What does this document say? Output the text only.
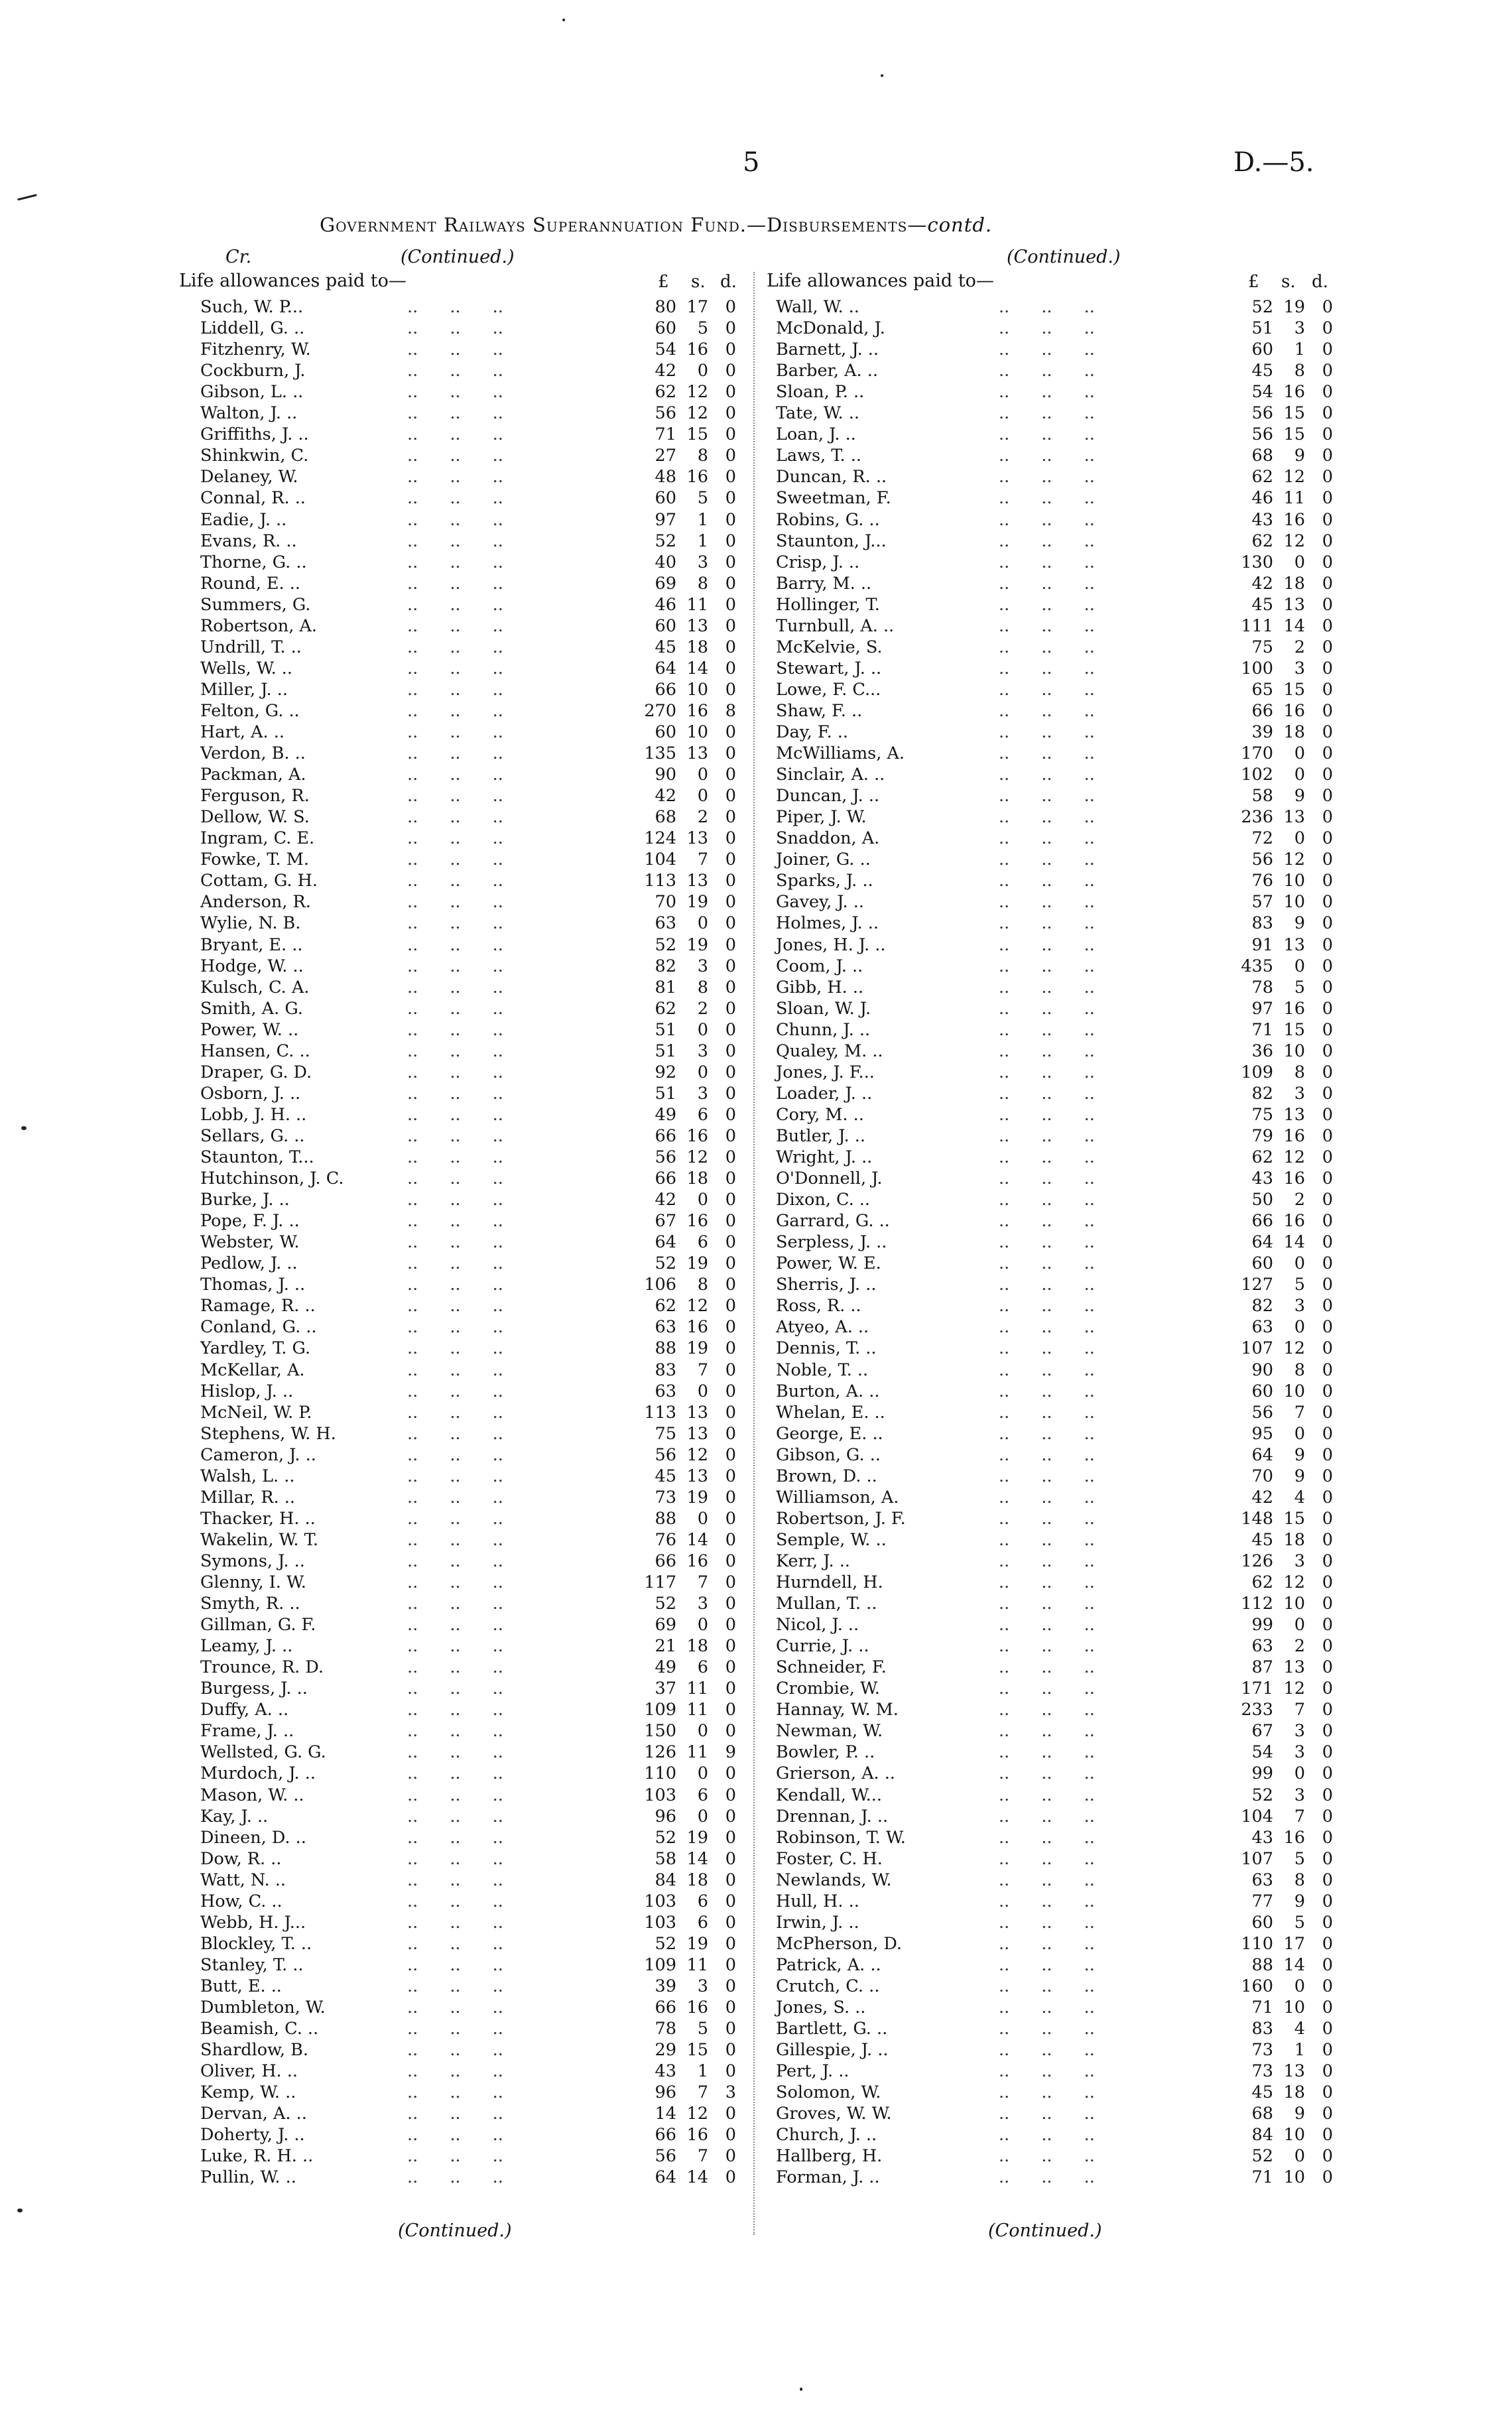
5	D.—5.
Government Railways Superannuation Fund.—Disbursements—contd.
Cr.	(Continued.)
Life allowances paid to—	£ s. d.
(Continued.)
Life allowances paid to—	£ s. d.
Such, W. P...	.. .. ..	80 17	0
Liddell, G. ..	.. .. ..	60	5	0
Fitzhenry, W.	.. .. ..	54 16	0
Cockburn, J.	.. .. ..	42	0	0
Gibson, L. ..	.. .. ..	62 12	0
Walton, J. ..	.. .. ..	56 12	0
Griffiths, J. ..	.. .. ..	71 15	0
Shinkwin, C.	.. .. ..	27	8	0
Delaney, W.	.. .. ..	48 16	0
Connal, R. ..	.. .. ..	60	5	0
Eadie, J. ..	.. .. ..	97	1	0
Evans, R. ..	.. .. ..	52	1	0
Thorne, G. ..	.. .. ..	40	3	0
Round, E. ..	.. .. ..	69	8	0
Summers, G.	.. .. ..	46 11	0
Robertson, A.	.. .. ..	60 13	0
Undrill, T. ..	.. .. ..	45 18	0
Wells, W. ..	.. .. ..	64 14	0
Miller, J. ..	.. .. ..	66 10	0
Felton, G. ..	.. .. ..	270 16	8
Hart, A. ..	.. .. ..	60 10	0
Verdon, B. ..	.. .. ..	135 13	0
Packman, A.	.. .. ..	90	0	0
Ferguson, R.	.. .. ..	42	0	0
Dellow, W. S.	.. .. ..	68	2	0
Ingram, C. E.	.. .. ..	124 13	0
Fowke, T. M.	.. .. ..	104	7	0
Cottam, G. H.	.. .. ..	113 13	0
Anderson, R.	.. .. ..	70 19	0
Wylie, N. B.	.. .. ..	63	0	0
Bryant, E. ..	.. .. ..	52 19	0
Hodge, W. ..	.. .. ..	82	3	0
Kulsch, C. A.	.. .. ..	81	8	0
Smith, A. G.	.. .. ..	62	2	0
Power, W. ..	.. .. ..	51	0	0
Hansen, C. ..	.. .. ..	51	3	0
Draper, G. D.	.. .. ..	92	0	0
Osborn, J. ..	.. .. ..	51	3	0
Lobb, J. H. ..	.. .. ..	49	6	0
Sellars, G. ..	.. .. ..	66 16	0
Staunton, T...	.. .. ..	56 12	0
Hutchinson, J. C.	.. .. ..	66 18	0
Burke, J. ..	.. .. ..	42	0	0
Pope, F. J. ..	.. .. ..	67 16	0
Webster, W.	.. .. ..	64	6	0
Pedlow, J. ..	.. .. ..	52 19	0
Thomas, J. ..	.. .. ..	106	8	0
Ramage, R. ..	.. .. ..	62 12	0
Conland, G. ..	.. .. ..	63 16	0
Yardley, T. G.	.. .. ..	88 19	0
McKellar, A.	.. .. ..	83	7	0
Hislop, J. ..	.. .. ..	63	0	0
McNeil, W. P.	.. .. ..	113 13	0
Stephens, W. H.	.. .. ..	75 13	0
Cameron, J. ..	.. .. ..	56 12	0
Walsh, L. ..	.. .. ..	45 13	0
Millar, R. ..	.. .. ..	73 19	0
Thacker, H. ..	.. .. ..	88	0	0
Wakelin, W. T.	.. .. ..	76 14	0
Symons, J. ..	.. .. ..	66 16	0
Glenny, I. W.	.. .. ..	117	7	0
Smyth, R. ..	.. .. ..	52	3	0
Gillman, G. F.	.. .. ..	69	0	0
Leamy, J. ..	.. .. ..	21 18	0
Trounce, R. D.	.. .. ..	49	6	0
Burgess, J. ..	.. .. ..	37 11	0
Duffy, A. ..	.. .. ..	109 11	0
Frame, J. ..	.. .. ..	150	0	0
Wellsted, G. G.	.. .. ..	126 11	9
Murdoch, J. ..	.. .. ..	110	0	0
Mason, W. ..	.. .. ..	103	6	0
Kay, J. ..	.. .. ..	96	0	0
Dineen, D. ..	.. .. ..	52 19	0
Dow, R. ..	.. .. ..	58 14	0
Watt, N. ..	.. .. ..	84 18	0
How, C. ..	.. .. ..	103	6	0
Webb, H. J...	.. .. ..	103	6	0
Blockley, T. ..	.. .. ..	52 19	0
Stanley, T. ..	.. .. ..	109 11	0
Butt, E. ..	.. .. ..	39	3	0
Dumbleton, W.	.. .. ..	66 16	0
Beamish, C. ..	.. .. ..	78	5	0
Shardlow, B.	.. .. ..	29 15	0
Oliver, H. ..	.. .. ..	43	1	0
Kemp, W. ..	.. .. ..	96	7	3
Dervan, A. ..	.. .. ..	14 12	0
Doherty, J. ..	.. .. ..	66 16	0
Luke, R. H. ..	.. .. ..	56	7	0
Pullin, W. ..	.. .. ..	64 14	0
Wall, W. ..	.. .. ..	52 19	0
McDonald, J.	.. .. ..	51	3	0
Barnett, J. ..	.. .. ..	60	1	0
Barber, A. ..	.. .. ..	45	8	0
Sloan, P. ..	.. .. ..	54 16	0
Tate, W. ..	.. .. ..	56 15	0
Loan, J. ..	.. .. ..	56 15	0
Laws, T. ..	.. .. ..	68	9	0
Duncan, R. ..	.. .. ..	62 12	0
Sweetman, F.	.. .. ..	46 11	0
Robins, G. ..	.. .. ..	43 16	0
Staunton, J...	.. .. ..	62 12	0
Crisp, J. ..	.. .. ..	130	0	0
Barry, M. ..	.. .. ..	42 18	0
Hollinger, T.	.. .. ..	45 13	0
Turnbull, A. ..	.. .. ..	111 14	0
McKelvie, S.	.. .. ..	75	2	0
Stewart, J. ..	.. .. ..	100	3	0
Lowe, F. C...	.. .. ..	65 15	0
Shaw, F. ..	.. .. ..	66 16	0
Day, F. ..	.. .. ..	39 18	0
McWilliams, A.	.. .. ..	170	0	0
Sinclair, A. ..	.. .. ..	102	0	0
Duncan, J. ..	.. .. ..	58	9	0
Piper, J. W.	.. .. ..	236 13	0
Snaddon, A.	.. .. ..	72	0	0
Joiner, G. ..	.. .. ..	56 12	0
Sparks, J. ..	.. .. ..	76 10	0
Gavey, J. ..	.. .. ..	57 10	0
Holmes, J. ..	.. .. ..	83	9	0
Jones, H. J. ..	.. .. ..	91 13	0
Coom, J. ..	.. .. ..	435	0	0
Gibb, H. ..	.. .. ..	78	5	0
Sloan, W. J.	.. .. ..	97 16	0
Chunn, J. ..	.. .. ..	71 15	0
Qualey, M. ..	.. .. ..	36 10	0
Jones, J. F...	.. .. ..	109	8	0
Loader, J. ..	.. .. ..	82	3	0
Cory, M. ..	.. .. ..	75 13	0
Butler, J. ..	.. .. ..	79 16	0
Wright, J. ..	.. .. ..	62 12	0
O'Donnell, J.	.. .. ..	43 16	0
Dixon, C. ..	.. .. ..	50	2	0
Garrard, G. ..	.. .. ..	66 16	0
Serpless, J. ..	.. .. ..	64 14	0
Power, W. E.	.. .. ..	60	0	0
Sherris, J. ..	.. .. ..	127	5	0
Ross, R. ..	.. .. ..	82	3	0
Atyeo, A. ..	.. .. ..	63	0	0
Dennis, T. ..	.. .. ..	107 12	0
Noble, T. ..	.. .. ..	90	8	0
Burton, A. ..	.. .. ..	60 10	0
Whelan, E. ..	.. .. ..	56	7	0
George, E. ..	.. .. ..	95	0	0
Gibson, G. ..	.. .. ..	64	9	0
Brown, D. ..	.. .. ..	70	9	0
Williamson, A.	.. .. ..	42	4	0
Robertson, J. F.	.. .. ..	148 15	0
Semple, W. ..	.. .. ..	45 18	0
Kerr, J. ..	.. .. ..	126	3	0
Hurndell, H.	.. .. ..	62 12	0
Mullan, T. ..	.. .. ..	112 10	0
Nicol, J. ..	.. .. ..	99	0	0
Currie, J. ..	.. .. ..	63	2	0
Schneider, F.	.. .. ..	87 13	0
Crombie, W.	.. .. ..	171 12	0
Hannay, W. M.	.. .. ..	233	7	0
Newman, W.	.. .. ..	67	3	0
Bowler, P. ..	.. .. ..	54	3	0
Grierson, A. ..	.. .. ..	99	0	0
Kendall, W...	.. .. ..	52	3	0
Drennan, J. ..	.. .. ..	104	7	0
Robinson, T. W.	.. .. ..	43 16	0
Foster, C. H.	.. .. ..	107	5	0
Newlands, W.	.. .. ..	63	8	0
Hull, H. ..	.. .. ..	77	9	0
Irwin, J. ..	.. .. ..	60	5	0
McPherson, D.	.. .. ..	110 17	0
Patrick, A. ..	.. .. ..	88 14	0
Crutch, C. ..	.. .. ..	160	0	0
Jones, S. ..	.. .. ..	71 10	0
Bartlett, G. ..	.. .. ..	83	4	0
Gillespie, J. ..	.. .. ..	73	1	0
Pert, J. ..	.. .. ..	73 13	0
Solomon, W.	.. .. ..	45 18	0
Groves, W. W.	.. .. ..	68	9	0
Church, J. ..	.. .. ..	84 10	0
Hallberg, H.	.. .. ..	52	0	0
Forman, J. ..	.. .. ..	71 10	0
(Continued.)	(Continued.)
